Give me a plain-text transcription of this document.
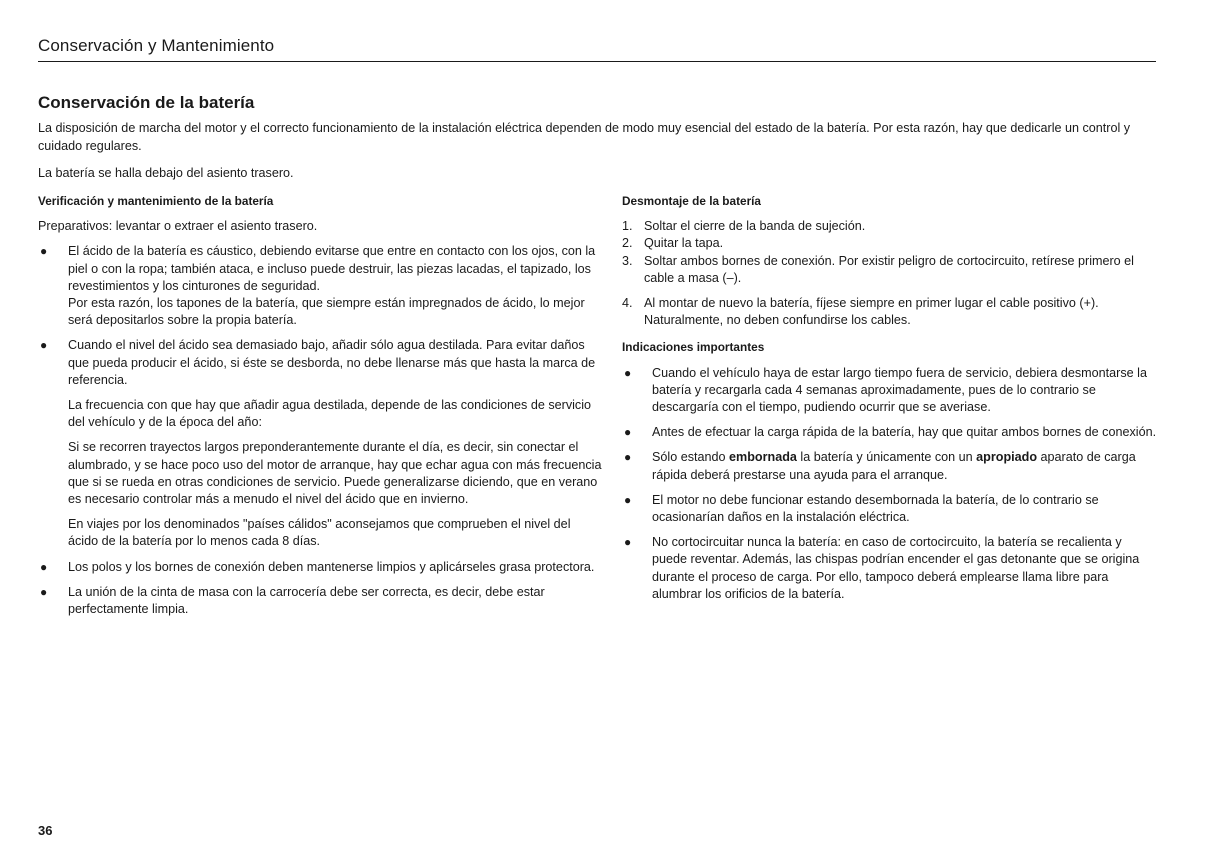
Conservación y Mantenimiento
Conservación de la batería

La disposición de marcha del motor y el correcto funcionamiento de la instalación eléctrica dependen de modo muy esencial del estado de la batería. Por esta razón, hay que dedicarle un control y cuidado regulares.

La batería se halla debajo del asiento trasero.

Verificación y mantenimiento de la batería

Preparativos: levantar o extraer el asiento trasero.

● El ácido de la batería es cáustico, debiendo evitarse que entre en contacto con los ojos, con la piel o con la ropa; también ataca, e incluso puede destruir, las piezas lacadas, el tapizado, los revestimientos y los cinturones de seguridad.

Por esta razón, los tapones de la batería, que siempre están impregnados de ácido, lo mejor será depositarlos sobre la propia batería.

● Cuando el nivel del ácido sea demasiado bajo, añadir sólo agua destilada. Para evitar daños que pueda producir el ácido, si éste se desborda, no debe llenarse más que hasta la marca de referencia.

La frecuencia con que hay que añadir agua destilada, depende de las condiciones de servicio del vehículo y de la época del año:

Si se recorren trayectos largos preponderantemente durante el día, es decir, sin conectar el alumbrado, y se hace poco uso del motor de arranque, hay que echar agua con más frecuencia que si se rueda en otras condiciones de servicio. Puede generalizarse diciendo, que en verano es necesario controlar más a menudo el nivel del ácido que en invierno.

En viajes por los denominados "países cálidos" aconsejamos que comprueben el nivel del ácido de la batería por lo menos cada 8 días.

● Los polos y los bornes de conexión deben mantenerse limpios y aplicárseles grasa protectora.

● La unión de la cinta de masa con la carrocería debe ser correcta, es decir, debe estar perfectamente limpia.

Desmontaje de la batería
1. Soltar el cierre de la banda de sujeción.
2. Quitar la tapa.
3. Soltar ambos bornes de conexión. Por existir peligro de cortocircuito, retírese primero el cable a masa (–).
4. Al montar de nuevo la batería, fíjese siempre en primer lugar el cable positivo (+). Naturalmente, no deben confundirse los cables.
Indicaciones importantes
● Cuando el vehículo haya de estar largo tiempo fuera de servicio, debiera desmontarse la batería y recargarla cada 4 semanas aproximadamente, pues de lo contrario se descargaría con el tiempo, pudiendo ocurrir que se averiase.

● Antes de efectuar la carga rápida de la batería, hay que quitar ambos bornes de conexión.

● Sólo estando embornada la batería y únicamente con un apropiado aparato de carga rápida deberá prestarse una ayuda para el arranque.

● El motor no debe funcionar estando desembornada la batería, de lo contrario se ocasionarían daños en la instalación eléctrica.

● No cortocircuitar nunca la batería: en caso de cortocircuito, la batería se recalienta y puede reventar. Además, las chispas podrían encender el gas detonante que se origina durante el proceso de carga. Por ello, tampoco deberá emplearse llama libre para alumbrar los orificios de la batería.

36
